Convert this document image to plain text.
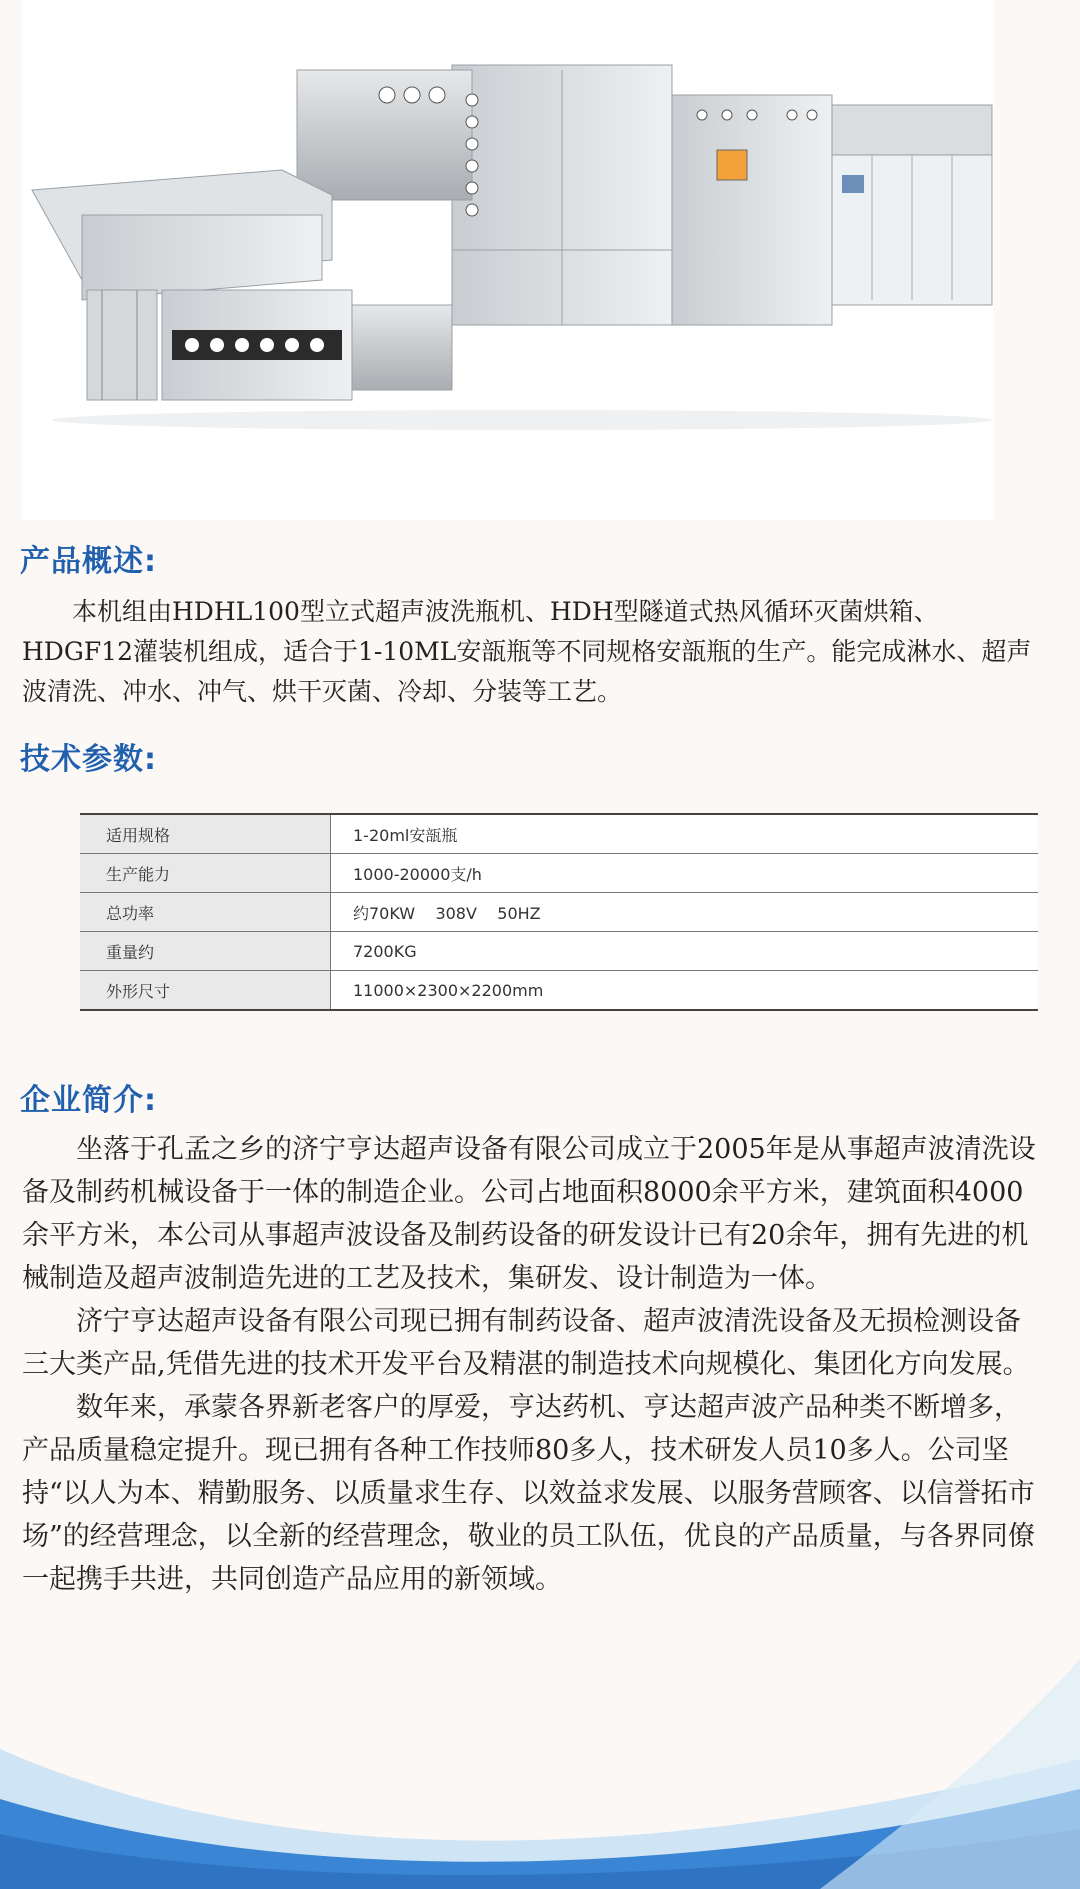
产品概述:

本机组由HDHL100型立式超声波洗瓶机、HDH型隧道式热风循环灭菌烘箱、HDGF12灌装机组成，适合于1-10ML安瓿瓶等不同规格安瓿瓶的生产。能完成淋水、超声波清洗、冲水、冲气、烘干灭菌、冷却、分装等工艺。

技术参数:
适用规格	1-20ml安瓿瓶
生产能力	1000-20000支/h
总功率	约70KW    308V    50HZ
重量约	7200KG
外形尺寸	11000×2300×2200mm
企业简介:

坐落于孔孟之乡的济宁亨达超声设备有限公司成立于2005年是从事超声波清洗设备及制药机械设备于一体的制造企业。公司占地面积8000余平方米，建筑面积4000余平方米，本公司从事超声波设备及制药设备的研发设计已有20余年，拥有先进的机械制造及超声波制造先进的工艺及技术，集研发、设计制造为一体。

济宁亨达超声设备有限公司现已拥有制药设备、超声波清洗设备及无损检测设备三大类产品,凭借先进的技术开发平台及精湛的制造技术向规模化、集团化方向发展。

数年来，承蒙各界新老客户的厚爱，亨达药机、亨达超声波产品种类不断增多，产品质量稳定提升。现已拥有各种工作技师80多人，技术研发人员10多人。公司坚持“以人为本、精勤服务、以质量求生存、以效益求发展、以服务营顾客、以信誉拓市场”的经营理念，以全新的经营理念，敬业的员工队伍，优良的产品质量，与各界同僚一起携手共进，共同创造产品应用的新领域。
